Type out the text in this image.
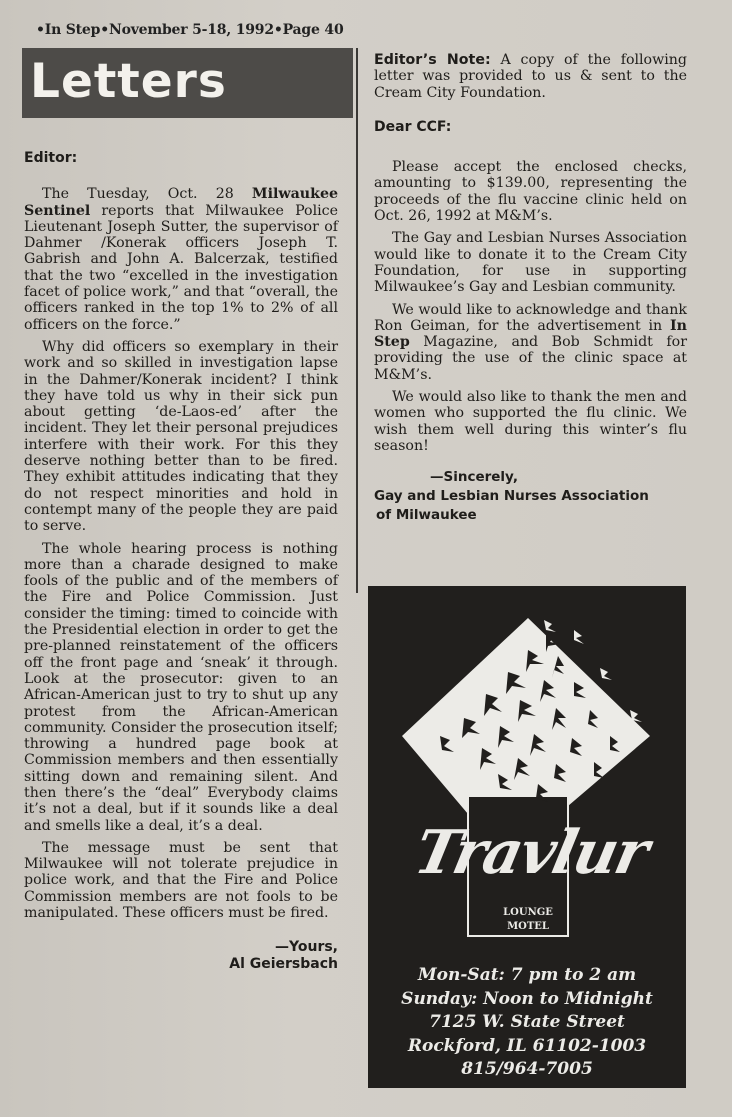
•In Step•November 5-18, 1992•Page 40
Letters
Editor:

The Tuesday, Oct. 28 Milwaukee Sentinel reports that Milwaukee Police Lieutenant Joseph Sutter, the supervisor of Dahmer /Konerak officers Joseph T. Gabrish and John A. Balcerzak, testified that the two “excelled in the investigation facet of police work,” and that “overall, the officers ranked in the top 1% to 2% of all officers on the force.”

Why did officers so exemplary in their work and so skilled in investigation lapse in the Dahmer/Konerak incident? I think they have told us why in their sick pun about getting ‘de-Laos-ed’ after the incident. They let their personal prejudices interfere with their work. For this they deserve nothing better than to be fired. They exhibit attitudes indicating that they do not respect minorities and hold in contempt many of the people they are paid to serve.

The whole hearing process is nothing more than a charade designed to make fools of the public and of the members of the Fire and Police Commission. Just consider the timing: timed to coincide with the Presidential election in order to get the pre-planned reinstatement of the officers off the front page and ‘sneak’ it through. Look at the prosecutor: given to an African-American just to try to shut up any protest from the African-American community. Consider the prosecution itself; throwing a hundred page book at Commission members and then essentially sitting down and remaining silent. And then there’s the “deal” Everybody claims it’s not a deal, but if it sounds like a deal and smells like a deal, it’s a deal.

The message must be sent that Milwaukee will not tolerate prejudice in police work, and that the Fire and Police Commission members are not fools to be manipulated. These officers must be fired.

—Yours,
Al Geiersbach

Editor’s Note: A copy of the following letter was provided to us & sent to the Cream City Foundation.

Dear CCF:

Please accept the enclosed checks, amounting to $139.00, representing the proceeds of the flu vaccine clinic held on Oct. 26, 1992 at M&M’s.

The Gay and Lesbian Nurses Association would like to donate it to the Cream City Foundation, for use in supporting Milwaukee’s Gay and Lesbian community.

We would like to acknowledge and thank Ron Geiman, for the advertisement in In Step Magazine, and Bob Schmidt for providing the use of the clinic space at M&M’s.

We would also like to thank the men and women who supported the flu clinic. We wish them well during this winter’s flu season!

—Sincerely,
Gay and Lesbian Nurses Association
of Milwaukee
Travlur
LOUNGE
MOTEL
Mon-Sat: 7 pm to 2 am
Sunday: Noon to Midnight
7125 W. State Street
Rockford, IL 61102-1003
815/964-7005
